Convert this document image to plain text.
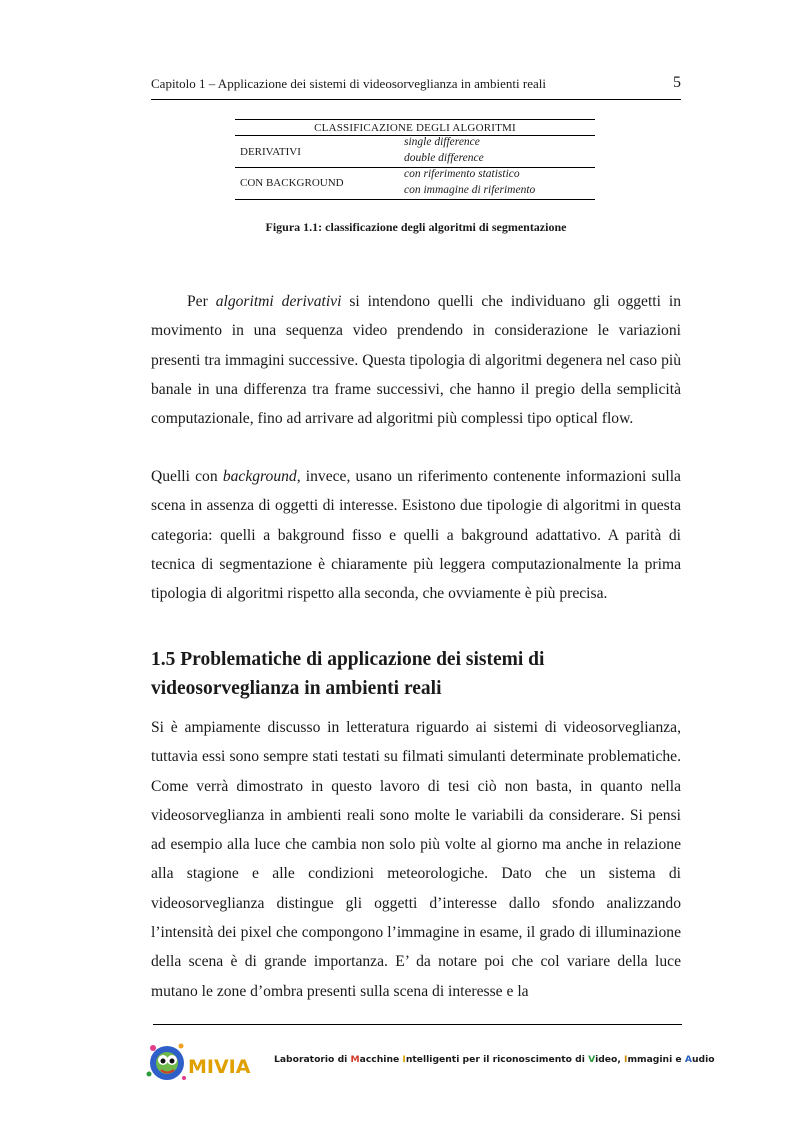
Capitolo 1 – Applicazione dei sistemi di videosorveglianza in ambienti reali	5
CLASSIFICAZIONE DEGLI ALGORITMI
DERIVATIVI
single difference
double difference
CON BACKGROUND
con riferimento statistico
con immagine di riferimento
Figura 1.1: classificazione degli algoritmi di segmentazione

Per algoritmi derivativi si intendono quelli che individuano gli oggetti in movimento in una sequenza video prendendo in considerazione le variazioni presenti tra immagini successive. Questa tipologia di algoritmi degenera nel caso più banale in una differenza tra frame successivi, che hanno il pregio della semplicità computazionale, fino ad arrivare ad algoritmi più complessi tipo optical flow.

Quelli con background, invece, usano un riferimento contenente informazioni sulla scena in assenza di oggetti di interesse. Esistono due tipologie di algoritmi in questa categoria: quelli a bakground fisso e quelli a bakground adattativo. A parità di tecnica di segmentazione è chiaramente più leggera computazionalmente la prima tipologia di algoritmi rispetto alla seconda, che ovviamente è più precisa.

1.5 Problematiche di applicazione dei sistemi di videosorveglianza in ambienti reali

Si è ampiamente discusso in letteratura riguardo ai sistemi di videosorveglianza, tuttavia essi sono sempre stati testati su filmati simulanti determinate problematiche. Come verrà dimostrato in questo lavoro di tesi ciò non basta, in quanto nella videosorveglianza in ambienti reali sono molte le variabili da considerare. Si pensi ad esempio alla luce che cambia non solo più volte al giorno ma anche in relazione alla stagione e alle condizioni meteorologiche. Dato che un sistema di videosorveglianza distingue gli oggetti d’interesse dallo sfondo analizzando l’intensità dei pixel che compongono l’immagine in esame, il grado di illuminazione della scena è di grande importanza. E’ da notare poi che col variare della luce mutano le zone d’ombra presenti sulla scena di interesse e la

MIVIA	Laboratorio di Macchine Intelligenti per il riconoscimento di Video, Immagini e Audio
